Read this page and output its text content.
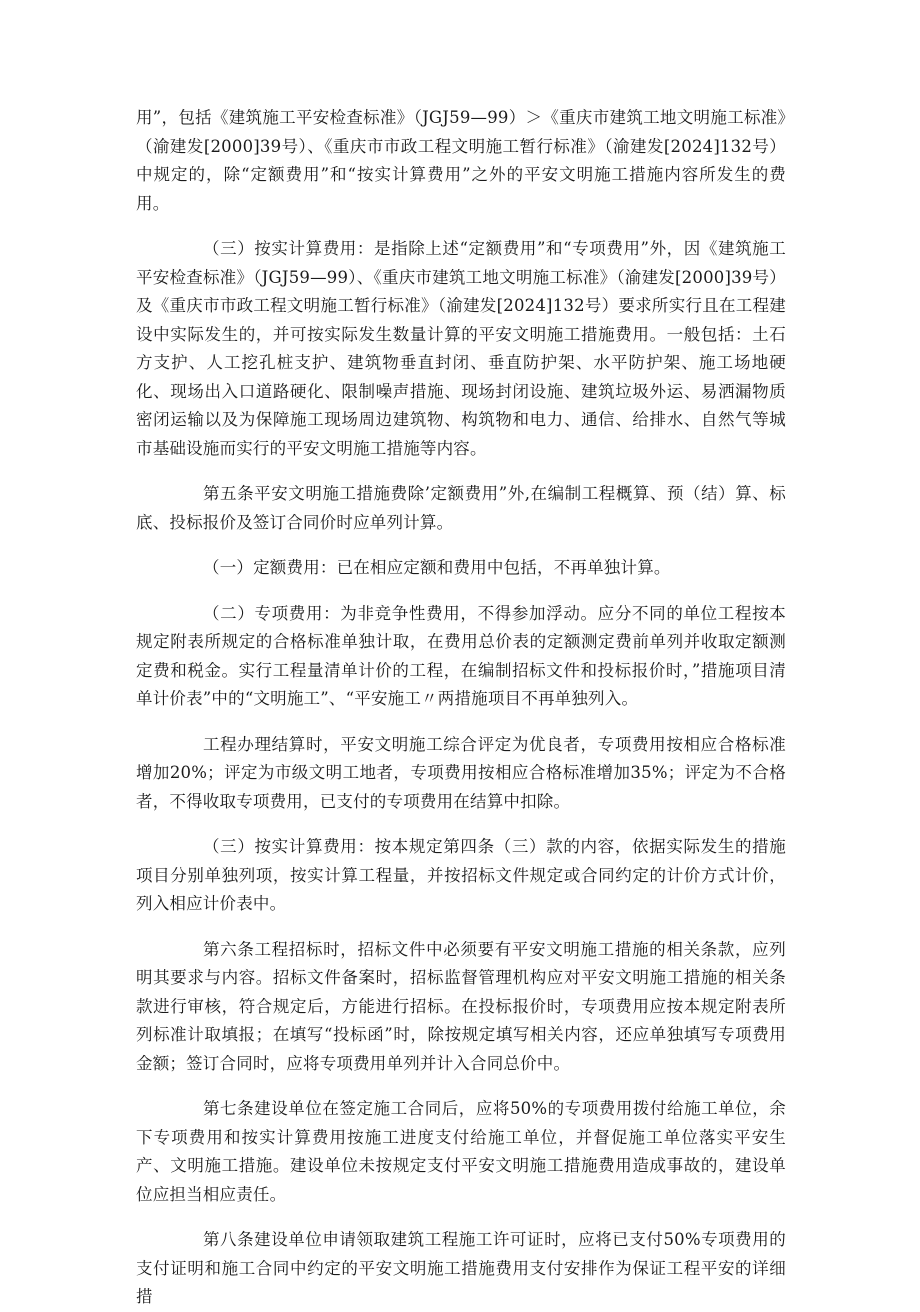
用”，包括《建筑施工平安检查标准》（JGJ59—99）＞《重庆市建筑工地文明施工标准》（渝建发[2000]39号）、《重庆市市政工程文明施工暂行标准》（渝建发[2024]132号）中规定的，除“定额费用”和“按实计算费用”之外的平安文明施工措施内容所发生的费用。

（三）按实计算费用：是指除上述“定额费用”和“专项费用”外，因《建筑施工平安检查标准》（JGJ59—99）、《重庆市建筑工地文明施工标准》（渝建发[2000]39号）及《重庆市市政工程文明施工暂行标准》（渝建发[2024]132号）要求所实行且在工程建设中实际发生的，并可按实际发生数量计算的平安文明施工措施费用。一般包括：土石方支护、人工挖孔桩支护、建筑物垂直封闭、垂直防护架、水平防护架、施工场地硬化、现场出入口道路硬化、限制噪声措施、现场封闭设施、建筑垃圾外运、易洒漏物质密闭运输以及为保障施工现场周边建筑物、构筑物和电力、通信、给排水、自然气等城市基础设施而实行的平安文明施工措施等内容。

第五条平安文明施工措施费除’定额费用”外,在编制工程概算、预（结）算、标底、投标报价及签订合同价时应单列计算。

（一）定额费用：已在相应定额和费用中包括，不再单独计算。

（二）专项费用：为非竞争性费用，不得参加浮动。应分不同的单位工程按本规定附表所规定的合格标准单独计取，在费用总价表的定额测定费前单列并收取定额测定费和税金。实行工程量清单计价的工程，在编制招标文件和投标报价时，”措施项目清单计价表”中的“文明施工”、“平安施工〃两措施项目不再单独列入。

工程办理结算时，平安文明施工综合评定为优良者，专项费用按相应合格标准增加20%；评定为市级文明工地者，专项费用按相应合格标准增加35%；评定为不合格者，不得收取专项费用，已支付的专项费用在结算中扣除。

（三）按实计算费用：按本规定第四条（三）款的内容，依据实际发生的措施项目分别单独列项，按实计算工程量，并按招标文件规定或合同约定的计价方式计价，列入相应计价表中。

第六条工程招标时，招标文件中必须要有平安文明施工措施的相关条款，应列明其要求与内容。招标文件备案时，招标监督管理机构应对平安文明施工措施的相关条款进行审核，符合规定后，方能进行招标。在投标报价时，专项费用应按本规定附表所列标准计取填报；在填写“投标函”时，除按规定填写相关内容，还应单独填写专项费用金额；签订合同时，应将专项费用单列并计入合同总价中。

第七条建设单位在签定施工合同后，应将50%的专项费用拨付给施工单位，余下专项费用和按实计算费用按施工进度支付给施工单位，并督促施工单位落实平安生产、文明施工措施。建设单位未按规定支付平安文明施工措施费用造成事故的，建设单位应担当相应责任。

第八条建设单位申请领取建筑工程施工许可证时，应将已支付50%专项费用的支付证明和施工合同中约定的平安文明施工措施费用支付安排作为保证工程平安的详细措
